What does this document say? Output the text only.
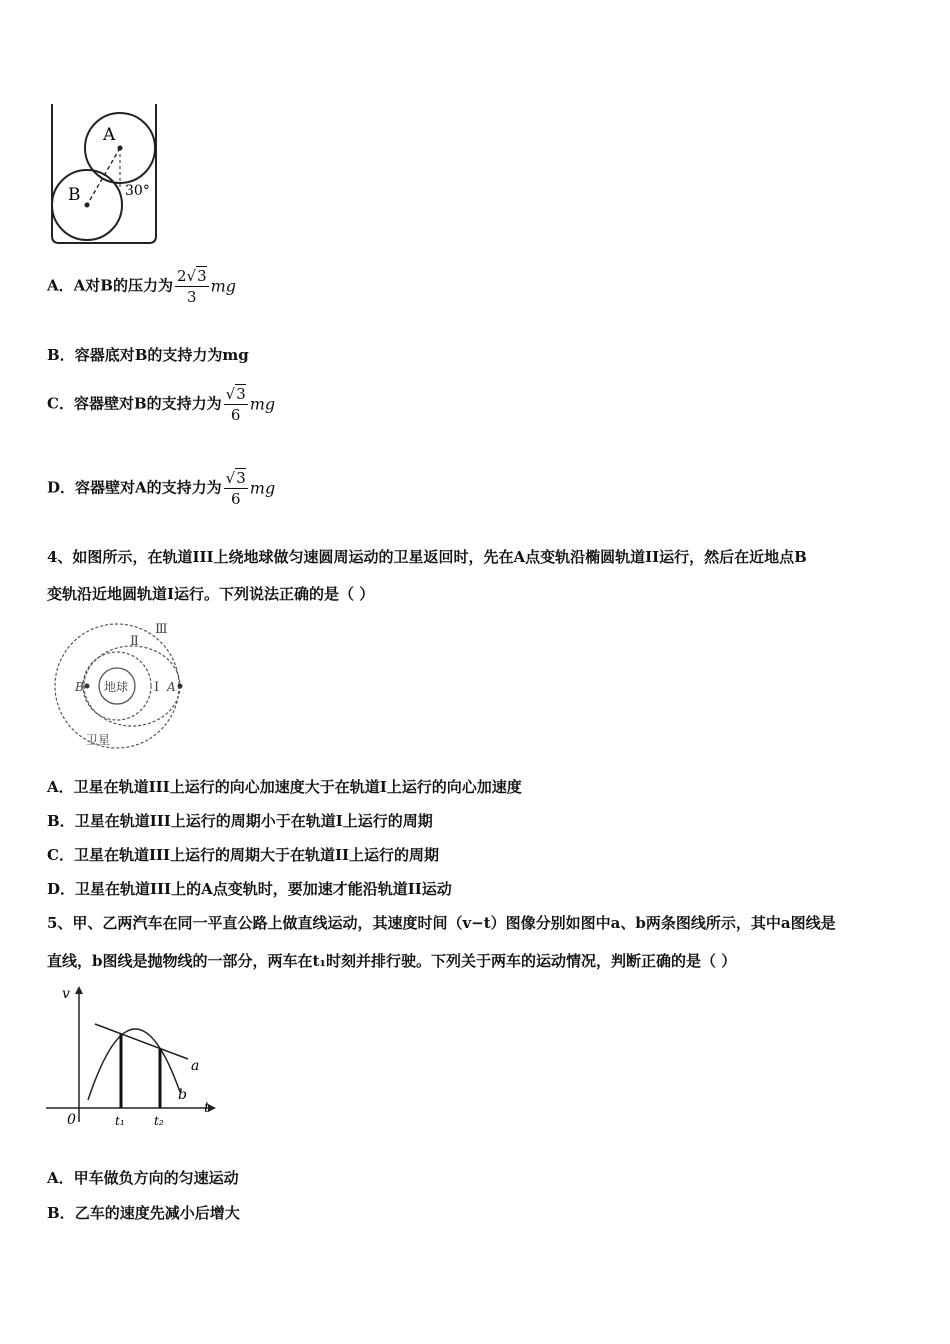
A
B	30°
A．A对B的压力为 $\frac{2√3}{3}$ mg
B．容器底对B的支持力为mg
C．容器壁对B的支持力为 $\frac{√3}{6}$ mg
D．容器壁对A的支持力为 $\frac{√3}{6}$ mg
4、如图所示，在轨道III上绕地球做匀速圆周运动的卫星返回时，先在A点变轨沿椭圆轨道II运行，然后在近地点B
变轨沿近地圆轨道I运行。下列说法正确的是（ ）
地球
B	I A
Ⅱ
Ⅲ
卫星
A．卫星在轨道III上运行的向心加速度大于在轨道I上运行的向心加速度
B．卫星在轨道III上运行的周期小于在轨道I上运行的周期
C．卫星在轨道III上运行的周期大于在轨道II上运行的周期
D．卫星在轨道III上的A点变轨时，要加速才能沿轨道II运动
5、甲、乙两汽车在同一平直公路上做直线运动，其速度时间（v−t）图像分别如图中a、b两条图线所示，其中a图线是
直线，b图线是抛物线的一部分，两车在t₁时刻并排行驶。下列关于两车的运动情况，判断正确的是（ ）
v
t
0	t₁ t₂
a
b
A．甲车做负方向的匀速运动
B．乙车的速度先减小后增大
